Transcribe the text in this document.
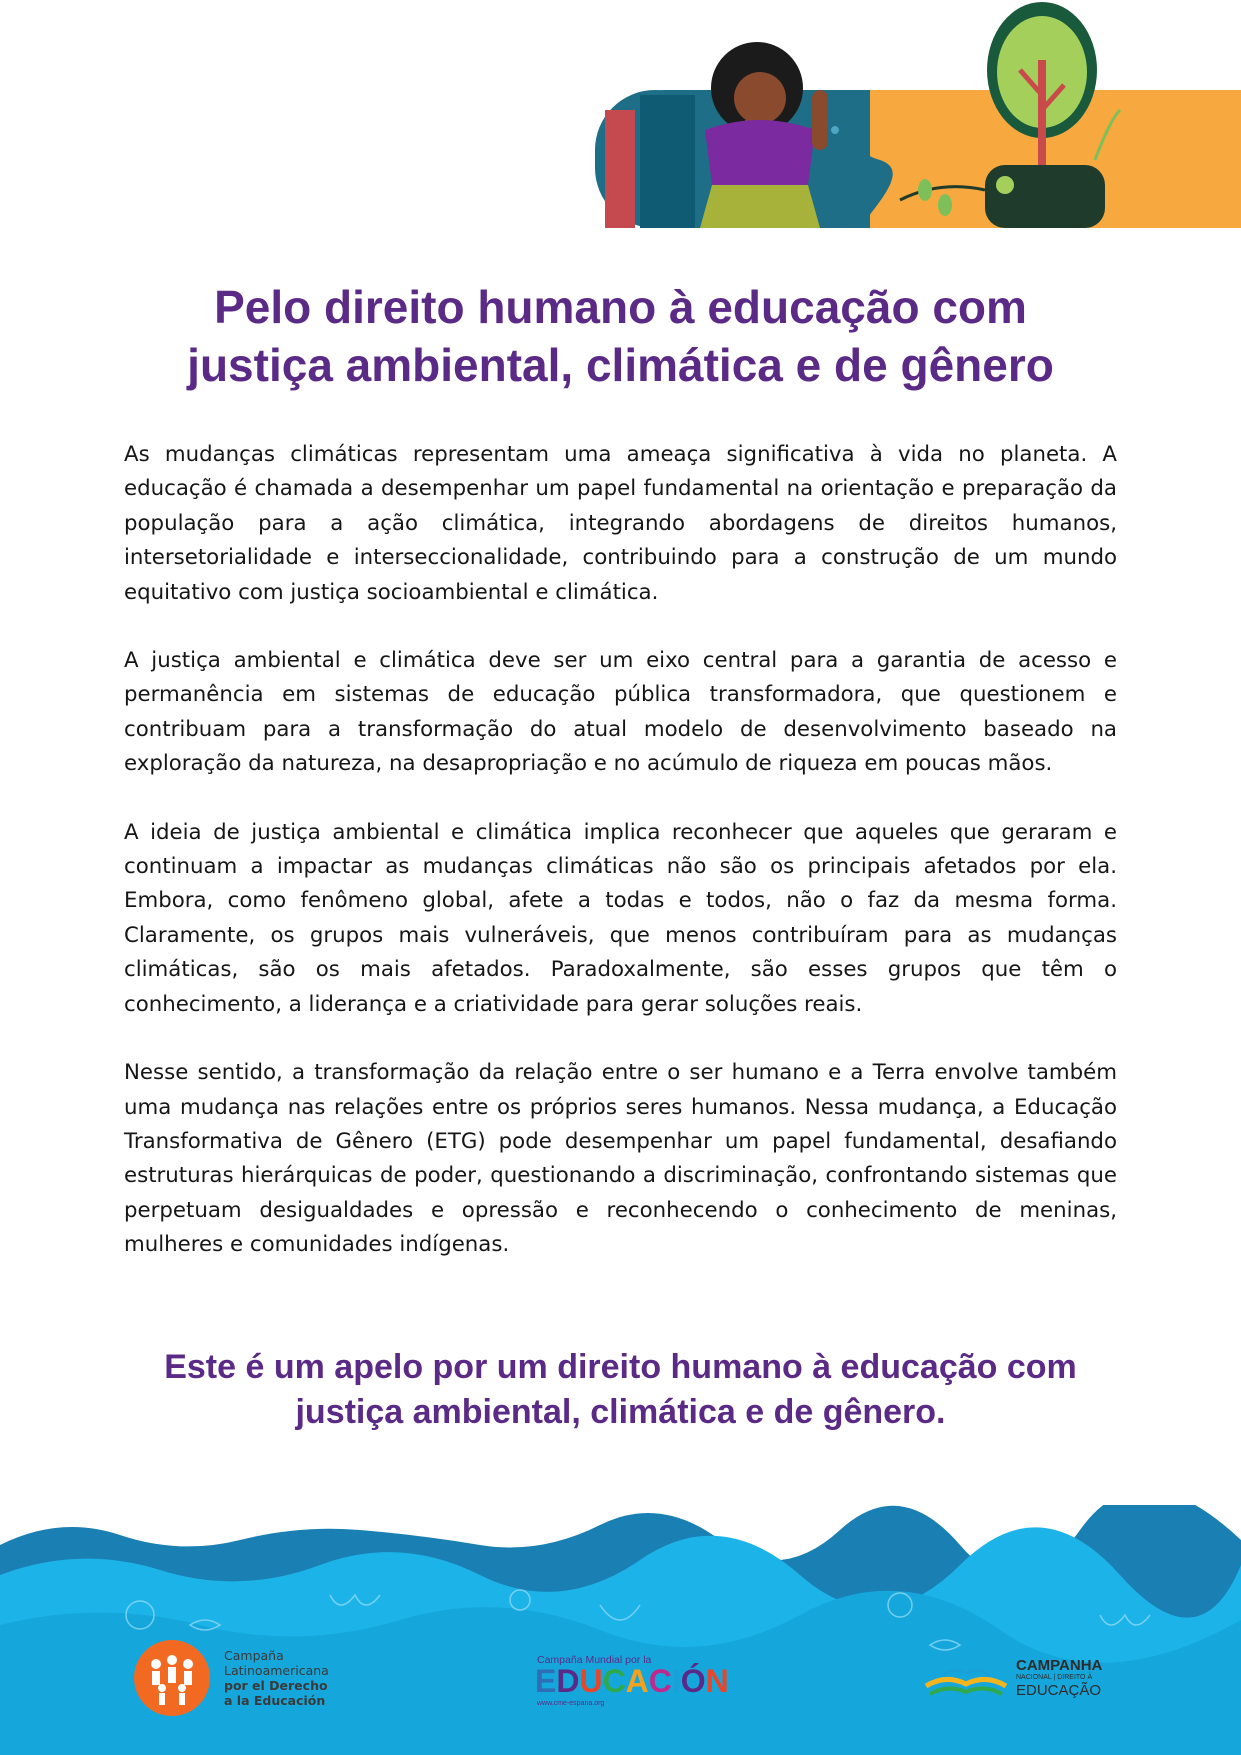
Pelo direito humano à educação com
justiça ambiental, climática e de gênero

As mudanças climáticas representam uma ameaça significativa à vida no planeta. A educação é chamada a desempenhar um papel fundamental na orientação e preparação da população para a ação climática, integrando abordagens de direitos humanos, intersetorialidade e interseccionalidade, contribuindo para a construção de um mundo equitativo com justiça socioambiental e climática.

A justiça ambiental e climática deve ser um eixo central para a garantia de acesso e permanência em sistemas de educação pública transformadora, que questionem e contribuam para a transformação do atual modelo de desenvolvimento baseado na exploração da natureza, na desapropriação e no acúmulo de riqueza em poucas mãos.

A ideia de justiça ambiental e climática implica reconhecer que aqueles que geraram e continuam a impactar as mudanças climáticas não são os principais afetados por ela. Embora, como fenômeno global, afete a todas e todos, não o faz da mesma forma. Claramente, os grupos mais vulneráveis, que menos contribuíram para as mudanças climáticas, são os mais afetados. Paradoxalmente, são esses grupos que têm o conhecimento, a liderança e a criatividade para gerar soluções reais.

Nesse sentido, a transformação da relação entre o ser humano e a Terra envolve também uma mudança nas relações entre os próprios seres humanos. Nessa mudança, a Educação Transformativa de Gênero (ETG) pode desempenhar um papel fundamental, desafiando estruturas hierárquicas de poder, questionando a discriminação, confrontando sistemas que perpetuam desigualdades e opressão e reconhecendo o conhecimento de meninas, mulheres e comunidades indígenas.

Este é um apelo por um direito humano à educação com
justiça ambiental, climática e de gênero.
Campaña
Latinoamericana
por el Derecho
a la Educación
Campaña Mundial por la
EDUCACIÓN
www.cme-espana.org
CAMPANHA
NACIONAL | DIREITO À
EDUCAÇÃO
